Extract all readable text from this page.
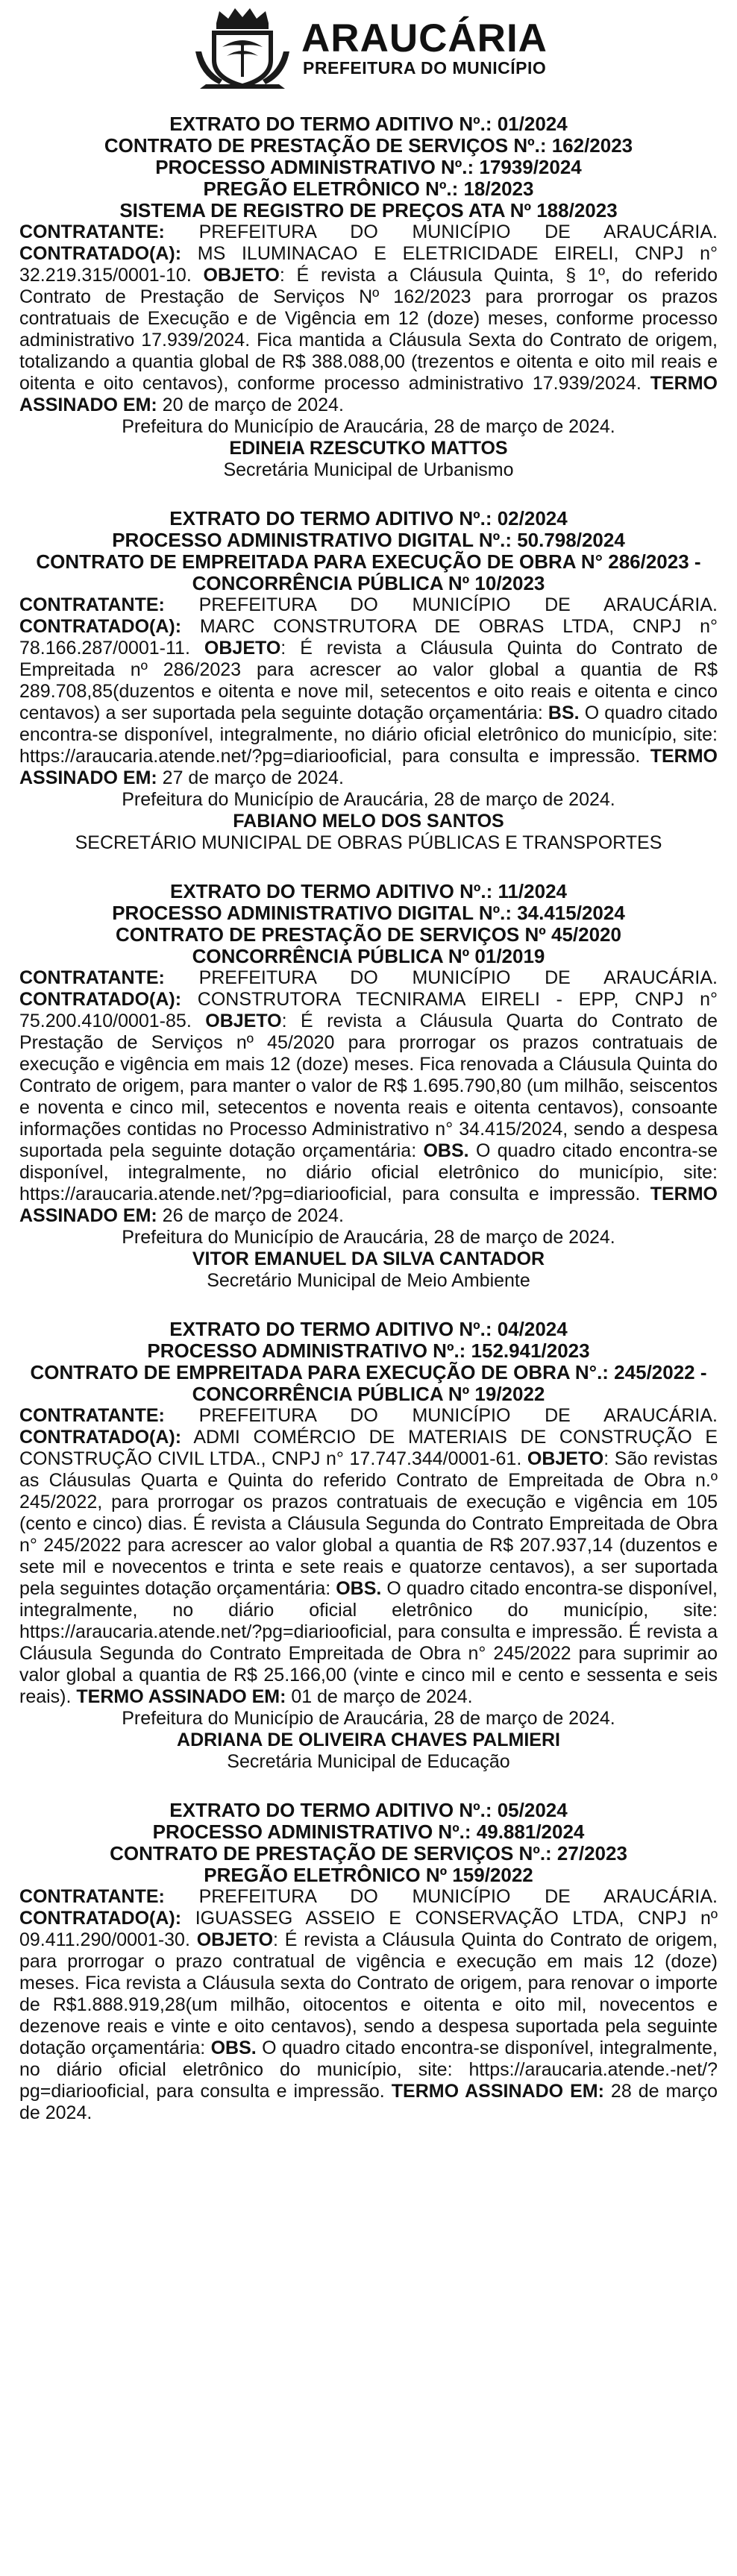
ARAUCÁRIA
PREFEITURA DO MUNICÍPIO
EXTRATO DO TERMO ADITIVO Nº.: 01/2024
CONTRATO DE PRESTAÇÃO DE SERVIÇOS Nº.: 162/2023
PROCESSO ADMINISTRATIVO Nº.: 17939/2024
PREGÃO ELETRÔNICO Nº.: 18/2023
SISTEMA DE REGISTRO DE PREÇOS ATA Nº 188/2023
CONTRATANTE: PREFEITURA DO MUNICÍPIO DE ARAUCÁRIA. CONTRATADO(A): MS ILUMINACAO E ELETRICIDADE EIRELI, CNPJ n° 32.219.315/0001-10. OBJETO: É revista a Cláusula Quinta, § 1º, do referido Contrato de Prestação de Serviços Nº 162/2023 para prorrogar os prazos contratuais de Execução e de Vigência em 12 (doze) meses, conforme processo administrativo 17.939/2024. Fica mantida a Cláusula Sexta do Contrato de origem, totalizando a quantia global de R$ 388.088,00 (trezentos e oitenta e oito mil reais e oitenta e oito centavos), conforme processo administrativo 17.939/2024. TERMO ASSINADO EM: 20 de março de 2024.
Prefeitura do Município de Araucária, 28 de março de 2024.
EDINEIA RZESCUTKO MATTOS
Secretária Municipal de Urbanismo
EXTRATO DO TERMO ADITIVO Nº.: 02/2024
PROCESSO ADMINISTRATIVO DIGITAL Nº.: 50.798/2024
CONTRATO DE EMPREITADA PARA EXECUÇÃO DE OBRA N° 286/2023 - CONCORRÊNCIA PÚBLICA Nº 10/2023
CONTRATANTE: PREFEITURA DO MUNICÍPIO DE ARAUCÁRIA. CONTRATADO(A): MARC CONSTRUTORA DE OBRAS LTDA, CNPJ n° 78.166.287/0001-11. OBJETO: É revista a Cláusula Quinta do Contrato de Empreitada nº 286/2023 para acrescer ao valor global a quantia de R$ 289.708,85(duzentos e oitenta e nove mil, setecentos e oito reais e oitenta e cinco centavos) a ser suportada pela seguinte dotação orçamentária: BS. O quadro citado encontra-se disponível, integralmente, no diário oficial eletrônico do município, site: https://araucaria.atende.net/?pg=diariooficial, para consulta e impressão. TERMO ASSINADO EM: 27 de março de 2024.
Prefeitura do Município de Araucária, 28 de março de 2024.
FABIANO MELO DOS SANTOS
SECRETÁRIO MUNICIPAL DE OBRAS PÚBLICAS E TRANSPORTES
EXTRATO DO TERMO ADITIVO Nº.: 11/2024
PROCESSO ADMINISTRATIVO DIGITAL Nº.: 34.415/2024
CONTRATO DE PRESTAÇÃO DE SERVIÇOS Nº 45/2020
CONCORRÊNCIA PÚBLICA Nº 01/2019
CONTRATANTE: PREFEITURA DO MUNICÍPIO DE ARAUCÁRIA. CONTRATADO(A): CONSTRUTORA TECNIRAMA EIRELI - EPP, CNPJ n° 75.200.410/0001-85. OBJETO: É revista a Cláusula Quarta do Contrato de Prestação de Serviços nº 45/2020 para prorrogar os prazos contratuais de execução e vigência em mais 12 (doze) meses. Fica renovada a Cláusula Quinta do Contrato de origem, para manter o valor de R$ 1.695.790,80 (um milhão, seiscentos e noventa e cinco mil, setecentos e noventa reais e oitenta centavos), consoante informações contidas no Processo Administrativo n° 34.415/2024, sendo a despesa suportada pela seguinte dotação orçamentária: OBS. O quadro citado encontra-se disponível, integralmente, no diário oficial eletrônico do município, site: https://araucaria.atende.net/?pg=diariooficial, para consulta e impressão. TERMO ASSINADO EM: 26 de março de 2024.
Prefeitura do Município de Araucária, 28 de março de 2024.
VITOR EMANUEL DA SILVA CANTADOR
Secretário Municipal de Meio Ambiente
EXTRATO DO TERMO ADITIVO Nº.: 04/2024
PROCESSO ADMINISTRATIVO Nº.: 152.941/2023
CONTRATO DE EMPREITADA PARA EXECUÇÃO DE OBRA N°.: 245/2022 - CONCORRÊNCIA PÚBLICA Nº 19/2022
CONTRATANTE: PREFEITURA DO MUNICÍPIO DE ARAUCÁRIA. CONTRATADO(A): ADMI COMÉRCIO DE MATERIAIS DE CONSTRUÇÃO E CONSTRUÇÃO CIVIL LTDA., CNPJ n° 17.747.344/0001-61. OBJETO: São revistas as Cláusulas Quarta e Quinta do referido Contrato de Empreitada de Obra n.º 245/2022, para prorrogar os prazos contratuais de execução e vigência em 105 (cento e cinco) dias. É revista a Cláusula Segunda do Contrato Empreitada de Obra n° 245/2022 para acrescer ao valor global a quantia de R$ 207.937,14 (duzentos e sete mil e novecentos e trinta e sete reais e quatorze centavos), a ser suportada pela seguintes dotação orçamentária: OBS. O quadro citado encontra-se disponível, integralmente, no diário oficial eletrônico do município, site: https://araucaria.atende.net/?pg=diariooficial, para consulta e impressão. É revista a Cláusula Segunda do Contrato Empreitada de Obra n° 245/2022 para suprimir ao valor global a quantia de R$ 25.166,00 (vinte e cinco mil e cento e sessenta e seis reais). TERMO ASSINADO EM: 01 de março de 2024.
Prefeitura do Município de Araucária, 28 de março de 2024.
ADRIANA DE OLIVEIRA CHAVES PALMIERI
Secretária Municipal de Educação
EXTRATO DO TERMO ADITIVO Nº.: 05/2024
PROCESSO ADMINISTRATIVO Nº.: 49.881/2024
CONTRATO DE PRESTAÇÃO DE SERVIÇOS Nº.: 27/2023
PREGÃO ELETRÔNICO Nº 159/2022
CONTRATANTE: PREFEITURA DO MUNICÍPIO DE ARAUCÁRIA. CONTRATADO(A): IGUASSEG ASSEIO E CONSERVAÇÃO LTDA, CNPJ nº 09.411.290/0001-30. OBJETO: É revista a Cláusula Quinta do Contrato de origem, para prorrogar o prazo contratual de vigência e execução em mais 12 (doze) meses. Fica revista a Cláusula sexta do Contrato de origem, para renovar o importe de R$1.888.919,28(um milhão, oitocentos e oitenta e oito mil, novecentos e dezenove reais e vinte e oito centavos), sendo a despesa suportada pela seguinte dotação orçamentária: OBS. O quadro citado encontra-se disponível, integralmente, no diário oficial eletrônico do município, site: https://araucaria.atende.-net/?pg=diariooficial, para consulta e impressão. TERMO ASSINADO EM: 28 de março de 2024.
